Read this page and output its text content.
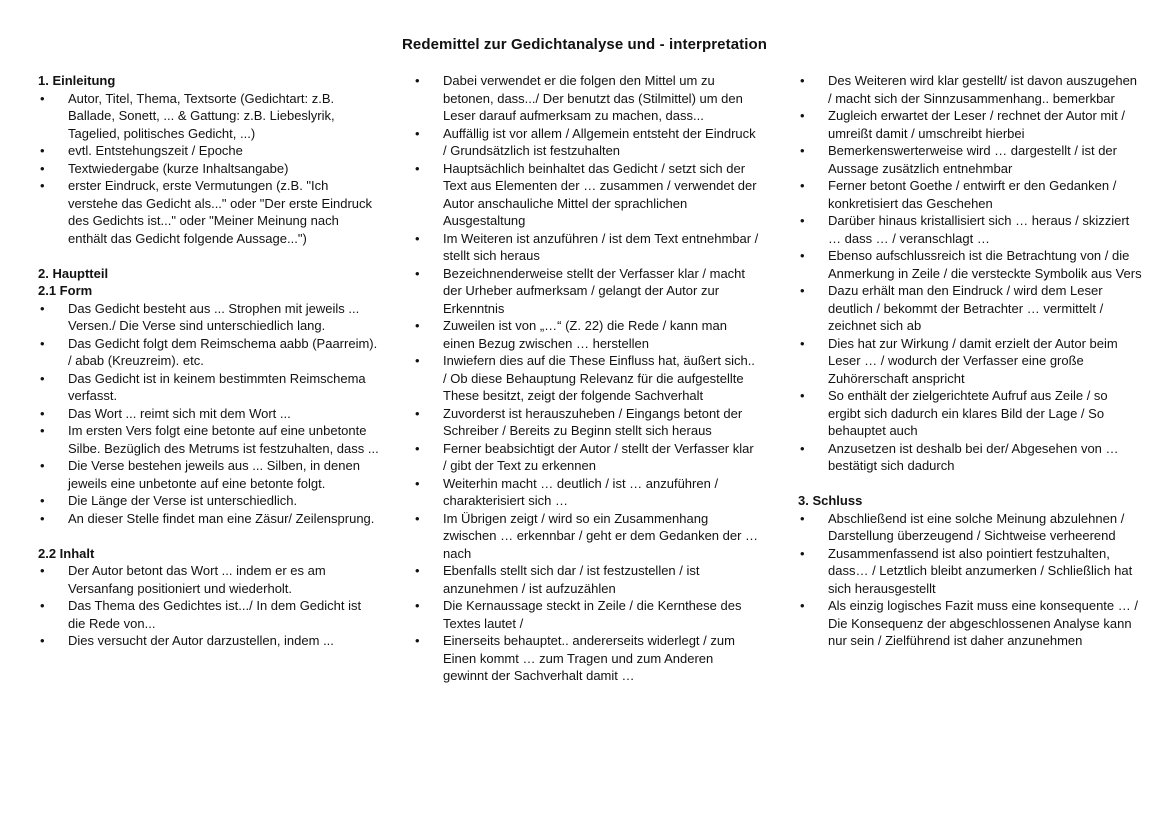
Redemittel zur Gedichtanalyse und - interpretation
1. Einleitung
• Autor, Titel, Thema, Textsorte (Gedichtart: z.B. Ballade, Sonett, ... & Gattung: z.B. Liebeslyrik, Tagelied, politisches Gedicht, ...)
• evtl. Entstehungszeit / Epoche
• Textwiedergabe (kurze Inhaltsangabe)
• erster Eindruck, erste Vermutungen (z.B. "Ich verstehe das Gedicht als..." oder "Der erste Eindruck des Gedichts ist..." oder "Meiner Meinung nach enthält das Gedicht folgende Aussage...")
2. Hauptteil
2.1 Form
• Das Gedicht besteht aus ... Strophen mit jeweils ... Versen./ Die Verse sind unterschiedlich lang.
• Das Gedicht folgt dem Reimschema aabb (Paarreim). / abab (Kreuzreim). etc.
• Das Gedicht ist in keinem bestimmten Reimschema verfasst.
• Das Wort ... reimt sich mit dem Wort ...
• Im ersten Vers folgt eine betonte auf eine unbetonte Silbe. Bezüglich des Metrums ist festzuhalten, dass ...
• Die Verse bestehen jeweils aus ... Silben, in denen jeweils eine unbetonte auf eine betonte folgt.
• Die Länge der Verse ist unterschiedlich.
• An dieser Stelle findet man eine Zäsur/ Zeilensprung.
2.2 Inhalt
• Der Autor betont das Wort ... indem er es am Versanfang positioniert und wiederholt.
• Das Thema des Gedichtes ist.../ In dem Gedicht ist die Rede von...
• Dies versucht der Autor darzustellen, indem ...
• Dabei verwendet er die folgen den Mittel um zu betonen, dass.../ Der benutzt das (Stilmittel) um den Leser darauf aufmerksam zu machen, dass...
• Auffällig ist vor allem / Allgemein entsteht der Eindruck / Grundsätzlich ist festzuhalten
• Hauptsächlich beinhaltet das Gedicht / setzt sich der Text aus Elementen der … zusammen / verwendet der Autor anschauliche Mittel der sprachlichen Ausgestaltung
• Im Weiteren ist anzuführen / ist dem Text entnehmbar / stellt sich heraus
• Bezeichnenderweise stellt der Verfasser klar / macht der Urheber aufmerksam / gelangt der Autor zur Erkenntnis
• Zuweilen ist von „…“ (Z. 22) die Rede / kann man einen Bezug zwischen … herstellen
• Inwiefern dies auf die These Einfluss hat, äußert sich.. / Ob diese Behauptung Relevanz für die aufgestellte These besitzt, zeigt der folgende Sachverhalt
• Zuvorderst ist herauszuheben / Eingangs betont der Schreiber / Bereits zu Beginn stellt sich heraus
• Ferner beabsichtigt der Autor / stellt der Verfasser klar / gibt der Text zu erkennen
• Weiterhin macht … deutlich / ist … anzuführen / charakterisiert sich …
• Im Übrigen zeigt / wird so ein Zusammenhang zwischen … erkennbar / geht er dem Gedanken der … nach
• Ebenfalls stellt sich dar / ist festzustellen / ist anzunehmen / ist aufzuzählen
• Die Kernaussage steckt in Zeile / die Kernthese des Textes lautet /
• Einerseits behauptet.. andererseits widerlegt / zum Einen kommt … zum Tragen und zum Anderen gewinnt der Sachverhalt damit …
• Des Weiteren wird klar gestellt/ ist davon auszugehen / macht sich der Sinnzusammenhang.. bemerkbar
• Zugleich erwartet der Leser / rechnet der Autor mit / umreißt damit / umschreibt hierbei
• Bemerkenswerterweise wird … dargestellt / ist der Aussage zusätzlich entnehmbar
• Ferner betont Goethe / entwirft er den Gedanken / konkretisiert das Geschehen
• Darüber hinaus kristallisiert sich … heraus / skizziert … dass … / veranschlagt …
• Ebenso aufschlussreich ist die Betrachtung von / die Anmerkung in Zeile / die versteckte Symbolik aus Vers
• Dazu erhält man den Eindruck / wird dem Leser deutlich / bekommt der Betrachter … vermittelt / zeichnet sich ab
• Dies hat zur Wirkung / damit erzielt der Autor beim Leser … / wodurch der Verfasser eine große Zuhörerschaft anspricht
• So enthält der zielgerichtete Aufruf aus Zeile / so ergibt sich dadurch ein klares Bild der Lage / So behauptet auch
• Anzusetzen ist deshalb bei der/ Abgesehen von … bestätigt sich dadurch
3. Schluss
• Abschließend ist eine solche Meinung abzulehnen / Darstellung überzeugend / Sichtweise verheerend
• Zusammenfassend ist also pointiert festzuhalten, dass… / Letztlich bleibt anzumerken / Schließlich hat sich herausgestellt
• Als einzig logisches Fazit muss eine konsequente … / Die Konsequenz der abgeschlossenen Analyse kann nur sein / Zielführend ist daher anzunehmen
